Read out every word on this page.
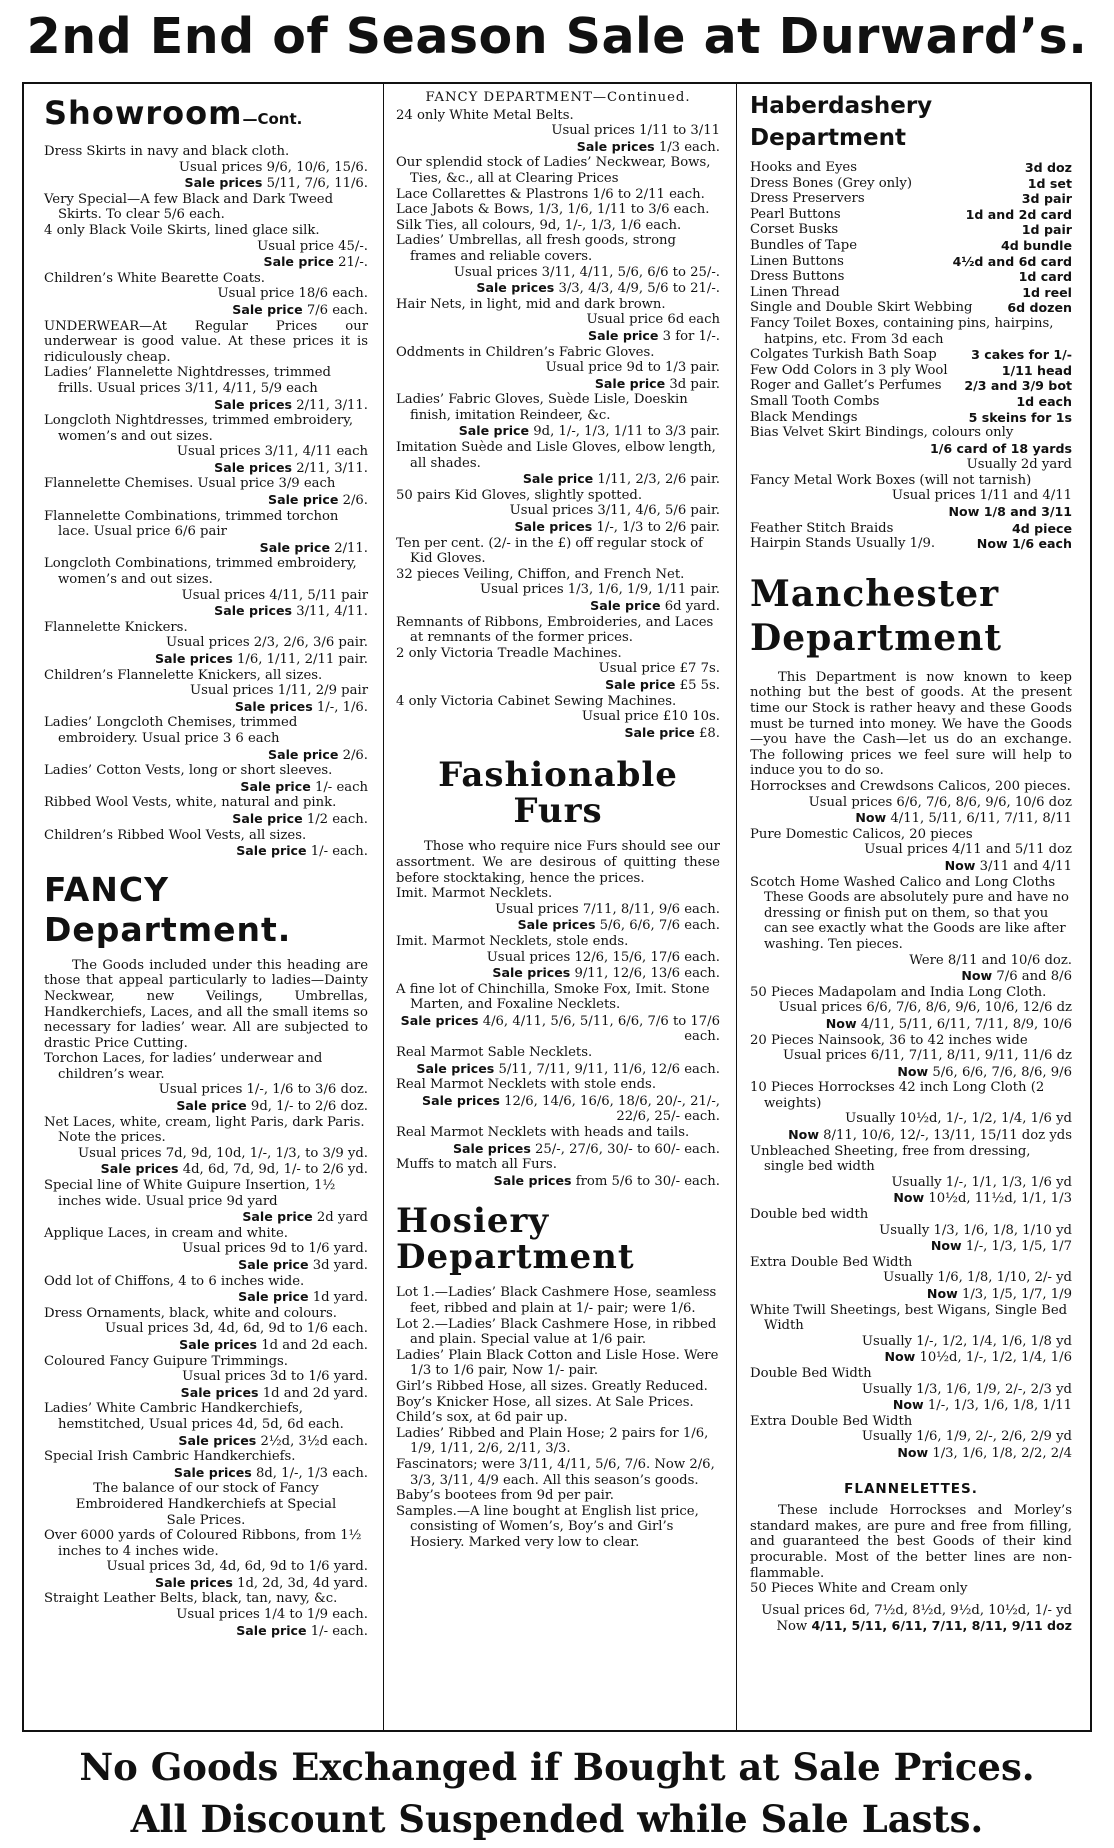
2nd End of Season Sale at Durward’s.
Showroom—Cont.
Dress Skirts in navy and black cloth.
Usual prices 9/6, 10/6, 15/6.
Sale prices 5/11, 7/6, 11/6.
Very Special—A few Black and Dark Tweed Skirts. To clear 5/6 each.
4 only Black Voile Skirts, lined glace silk.
Usual price 45/-.
Sale price 21/-.
Children’s White Bearette Coats.
Usual price 18/6 each.
Sale price 7/6 each.
UNDERWEAR—At Regular Prices our underwear is good value. At these prices it is ridiculously cheap.
Ladies’ Flannelette Nightdresses, trimmed frills. Usual prices 3/11, 4/11, 5/9 each
Sale prices 2/11, 3/11.
Longcloth Nightdresses, trimmed embroidery, women’s and out sizes.
Usual prices 3/11, 4/11 each
Sale prices 2/11, 3/11.
Flannelette Chemises. Usual price 3/9 each
Sale price 2/6.
Flannelette Combinations, trimmed torchon lace. Usual price 6/6 pair
Sale price 2/11.
Longcloth Combinations, trimmed embroidery, women’s and out sizes.
Usual prices 4/11, 5/11 pair
Sale prices 3/11, 4/11.
Flannelette Knickers.
Usual prices 2/3, 2/6, 3/6 pair.
Sale prices 1/6, 1/11, 2/11 pair.
Children’s Flannelette Knickers, all sizes.
Usual prices 1/11, 2/9 pair
Sale prices 1/-, 1/6.
Ladies’ Longcloth Chemises, trimmed embroidery. Usual price 3 6 each
Sale price 2/6.
Ladies’ Cotton Vests, long or short sleeves.
Sale price 1/- each
Ribbed Wool Vests, white, natural and pink.
Sale price 1/2 each.
Children’s Ribbed Wool Vests, all sizes.
Sale price 1/- each.
FANCY
Department.
The Goods included under this heading are those that appeal particularly to ladies—Dainty Neckwear, new Veilings, Umbrellas, Handkerchiefs, Laces, and all the small items so necessary for ladies’ wear. All are subjected to drastic Price Cutting.
Torchon Laces, for ladies’ underwear and children’s wear.
Usual prices 1/-, 1/6 to 3/6 doz.
Sale price 9d, 1/- to 2/6 doz.
Net Laces, white, cream, light Paris, dark Paris. Note the prices.
Usual prices 7d, 9d, 10d, 1/-, 1/3, to 3/9 yd.
Sale prices 4d, 6d, 7d, 9d, 1/- to 2/6 yd.
Special line of White Guipure Insertion, 1½ inches wide. Usual price 9d yard
Sale price 2d yard
Applique Laces, in cream and white.
Usual prices 9d to 1/6 yard.
Sale price 3d yard.
Odd lot of Chiffons, 4 to 6 inches wide.
Sale price 1d yard.
Dress Ornaments, black, white and colours.
Usual prices 3d, 4d, 6d, 9d to 1/6 each.
Sale prices 1d and 2d each.
Coloured Fancy Guipure Trimmings.
Usual prices 3d to 1/6 yard.
Sale prices 1d and 2d yard.
Ladies’ White Cambric Handkerchiefs, hemstitched, Usual prices 4d, 5d, 6d each.
Sale prices 2½d, 3½d each.
Special Irish Cambric Handkerchiefs.
Sale prices 8d, 1/-, 1/3 each.
The balance of our stock of Fancy Embroidered Handkerchiefs at Special Sale Prices.
Over 6000 yards of Coloured Ribbons, from 1½ inches to 4 inches wide.
Usual prices 3d, 4d, 6d, 9d to 1/6 yard.
Sale prices 1d, 2d, 3d, 4d yard.
Straight Leather Belts, black, tan, navy, &c.
Usual prices 1/4 to 1/9 each.
Sale price 1/- each.
FANCY DEPARTMENT—Continued.
24 only White Metal Belts.
Usual prices 1/11 to 3/11
Sale prices 1/3 each.
Our splendid stock of Ladies’ Neckwear, Bows, Ties, &c., all at Clearing Prices
Lace Collarettes & Plastrons 1/6 to 2/11 each.
Lace Jabots & Bows, 1/3, 1/6, 1/11 to 3/6 each.
Silk Ties, all colours, 9d, 1/-, 1/3, 1/6 each.
Ladies’ Umbrellas, all fresh goods, strong frames and reliable covers.
Usual prices 3/11, 4/11, 5/6, 6/6 to 25/-.
Sale prices 3/3, 4/3, 4/9, 5/6 to 21/-.
Hair Nets, in light, mid and dark brown.
Usual price 6d each
Sale price 3 for 1/-.
Oddments in Children’s Fabric Gloves.
Usual price 9d to 1/3 pair.
Sale price 3d pair.
Ladies’ Fabric Gloves, Suède Lisle, Doeskin finish, imitation Reindeer, &c.
Sale price 9d, 1/-, 1/3, 1/11 to 3/3 pair.
Imitation Suède and Lisle Gloves, elbow length, all shades.
Sale price 1/11, 2/3, 2/6 pair.
50 pairs Kid Gloves, slightly spotted.
Usual prices 3/11, 4/6, 5/6 pair.
Sale prices 1/-, 1/3 to 2/6 pair.
Ten per cent. (2/- in the £) off regular stock of Kid Gloves.
32 pieces Veiling, Chiffon, and French Net.
Usual prices 1/3, 1/6, 1/9, 1/11 pair.
Sale price 6d yard.
Remnants of Ribbons, Embroideries, and Laces at remnants of the former prices.
2 only Victoria Treadle Machines.
Usual price £7 7s.
Sale price £5 5s.
4 only Victoria Cabinet Sewing Machines.
Usual price £10 10s.
Sale price £8.
Fashionable
Furs
Those who require nice Furs should see our assortment. We are desirous of quitting these before stocktaking, hence the prices.
Imit. Marmot Necklets.
Usual prices 7/11, 8/11, 9/6 each.
Sale prices 5/6, 6/6, 7/6 each.
Imit. Marmot Necklets, stole ends.
Usual prices 12/6, 15/6, 17/6 each.
Sale prices 9/11, 12/6, 13/6 each.
A fine lot of Chinchilla, Smoke Fox, Imit. Stone Marten, and Foxaline Necklets.
Sale prices 4/6, 4/11, 5/6, 5/11, 6/6, 7/6 to 17/6 each.
Real Marmot Sable Necklets.
Sale prices 5/11, 7/11, 9/11, 11/6, 12/6 each.
Real Marmot Necklets with stole ends.
Sale prices 12/6, 14/6, 16/6, 18/6, 20/-, 21/-, 22/6, 25/- each.
Real Marmot Necklets with heads and tails.
Sale prices 25/-, 27/6, 30/- to 60/- each.
Muffs to match all Furs.
Sale prices from 5/6 to 30/- each.
Hosiery
Department
Lot 1.—Ladies’ Black Cashmere Hose, seamless feet, ribbed and plain at 1/- pair; were 1/6.
Lot 2.—Ladies’ Black Cashmere Hose, in ribbed and plain. Special value at 1/6 pair.
Ladies’ Plain Black Cotton and Lisle Hose. Were 1/3 to 1/6 pair, Now 1/- pair.
Girl’s Ribbed Hose, all sizes. Greatly Reduced.
Boy’s Knicker Hose, all sizes. At Sale Prices.
Child’s sox, at 6d pair up.
Ladies’ Ribbed and Plain Hose; 2 pairs for 1/6, 1/9, 1/11, 2/6, 2/11, 3/3.
Fascinators; were 3/11, 4/11, 5/6, 7/6. Now 2/6, 3/3, 3/11, 4/9 each. All this season’s goods.
Baby’s bootees from 9d per pair.
Samples.—A line bought at English list price, consisting of Women’s, Boy’s and Girl’s Hosiery. Marked very low to clear.
Haberdashery
Department
Hooks and Eyes	3d doz
Dress Bones (Grey only)	1d set
Dress Preservers	3d pair
Pearl Buttons	1d and 2d card
Corset Busks	1d pair
Bundles of Tape	4d bundle
Linen Buttons	4½d and 6d card
Dress Buttons	1d card
Linen Thread	1d reel
Single and Double Skirt Webbing	6d dozen
Fancy Toilet Boxes, containing pins, hairpins, hatpins, etc. From 3d each
Colgates Turkish Bath Soap	3 cakes for 1/-
Few Odd Colors in 3 ply Wool	1/11 head
Roger and Gallet’s Perfumes 2/3 and 3/9 bot
Small Tooth Combs	1d each
Black Mendings	5 skeins for 1s
Bias Velvet Skirt Bindings, colours only
1/6 card of 18 yards
Usually 2d yard
Fancy Metal Work Boxes (will not tarnish)
Usual prices 1/11 and 4/11
Now 1/8 and 3/11
Feather Stitch Braids	4d piece
Hairpin Stands Usually 1/9.	Now 1/6 each
Manchester
Department
This Department is now known to keep nothing but the best of goods. At the present time our Stock is rather heavy and these Goods must be turned into money. We have the Goods—you have the Cash—let us do an exchange. The following prices we feel sure will help to induce you to do so.
Horrockses and Crewdsons Calicos, 200 pieces.
Usual prices 6/6, 7/6, 8/6, 9/6, 10/6 doz
Now 4/11, 5/11, 6/11, 7/11, 8/11
Pure Domestic Calicos, 20 pieces
Usual prices 4/11 and 5/11 doz
Now 3/11 and 4/11
Scotch Home Washed Calico and Long Cloths These Goods are absolutely pure and have no dressing or finish put on them, so that you can see exactly what the Goods are like after washing. Ten pieces.
Were 8/11 and 10/6 doz.
Now 7/6 and 8/6
50 Pieces Madapolam and India Long Cloth.
Usual prices 6/6, 7/6, 8/6, 9/6, 10/6, 12/6 dz
Now 4/11, 5/11, 6/11, 7/11, 8/9, 10/6
20 Pieces Nainsook, 36 to 42 inches wide
Usual prices 6/11, 7/11, 8/11, 9/11, 11/6 dz
Now 5/6, 6/6, 7/6, 8/6, 9/6
10 Pieces Horrockses 42 inch Long Cloth (2 weights)
Usually 10½d, 1/-, 1/2, 1/4, 1/6 yd
Now 8/11, 10/6, 12/-, 13/11, 15/11 doz yds
Unbleached Sheeting, free from dressing, single bed width
Usually 1/-, 1/1, 1/3, 1/6 yd
Now 10½d, 11½d, 1/1, 1/3
Double bed width
Usually 1/3, 1/6, 1/8, 1/10 yd
Now 1/-, 1/3, 1/5, 1/7
Extra Double Bed Width
Usually 1/6, 1/8, 1/10, 2/- yd
Now 1/3, 1/5, 1/7, 1/9
White Twill Sheetings, best Wigans, Single Bed Width
Usually 1/-, 1/2, 1/4, 1/6, 1/8 yd
Now 10½d, 1/-, 1/2, 1/4, 1/6
Double Bed Width
Usually 1/3, 1/6, 1/9, 2/-, 2/3 yd
Now 1/-, 1/3, 1/6, 1/8, 1/11
Extra Double Bed Width
Usually 1/6, 1/9, 2/-, 2/6, 2/9 yd
Now 1/3, 1/6, 1/8, 2/2, 2/4
FLANNELETTES.
These include Horrockses and Morley’s standard makes, are pure and free from filling, and guaranteed the best Goods of their kind procurable. Most of the better lines are non-flammable.
50 Pieces White and Cream only
Usual prices 6d, 7½d, 8½d, 9½d, 10½d, 1/- yd
Now 4/11, 5/11, 6/11, 7/11, 8/11, 9/11 doz
No Goods Exchanged if Bought at Sale Prices.
All Discount Suspended while Sale Lasts.
